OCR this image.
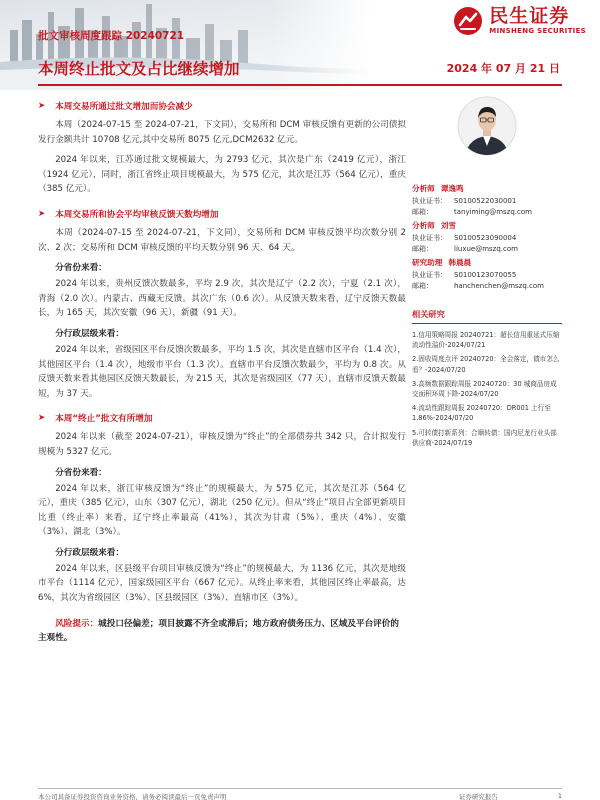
民生证券
MINSHENG SECURITIES
批文审核周度跟踪 20240721
本周终止批文及占比继续增加	2024 年 07 月 21 日
➤ 本周交易所通过批文增加而协会减少

本周（2024-07-15 至 2024-07-21，下文同），交易所和 DCM 审核反馈有更新的公司债拟发行金额共计 10708 亿元,其中交易所 8075 亿元,DCM2632 亿元。

2024 年以来，江苏通过批文规模最大，为 2793 亿元，其次是广东（2419 亿元），浙江（1924 亿元），同时，浙江省终止项目规模最大，为 575 亿元，其次是江苏（564 亿元），重庆（385 亿元）。

➤ 本周交易所和协会平均审核反馈天数均增加

本周（2024-07-15 至 2024-07-21，下文同），交易所和 DCM 审核反馈平均次数分别 2 次、2 次；交易所和 DCM 审核反馈的平均天数分别 96 天、64 天。

分省份来看：

2024 年以来，贵州反馈次数最多，平均 2.9 次，其次是辽宁（2.2 次），宁夏（2.1 次），青海（2.0 次）。内蒙古、西藏无反馈。其次广东（0.6 次）。从反馈天数来看，辽宁反馈天数最长，为 165 天，其次安徽（96 天），新疆（91 天）。

分行政层级来看：

2024 年以来，省级园区平台反馈次数最多，平均 1.5 次，其次是直辖市区平台（1.4 次），其他园区平台（1.4 次），地级市平台（1.3 次）。直辖市平台反馈次数最少，平均为 0.8 次。从反馈天数来看其他园区反馈天数最长，为 215 天，其次是省级园区（77 天），直辖市反馈天数最短，为 37 天。

➤ 本周“终止”批文有所增加

2024 年以来（截至 2024-07-21），审核反馈为“终止”的全部债券共 342 只，合计拟发行规模为 5327 亿元。

分省份来看：

2024 年以来，浙江审核反馈为“终止”的规模最大，为 575 亿元，其次是江苏（564 亿元），重庆（385 亿元），山东（307 亿元），湖北（250 亿元）。但从“终止”项目占全部更新项目比重（终止率）来看，辽宁终止率最高（41%），其次为甘肃（5%）、重庆（4%）、安徽（3%）、湖北（3%）。

分行政层级来看：

2024 年以来，区县级平台项目审核反馈为“终止”的规模最大，为 1136 亿元，其次是地级市平台（1114 亿元），国家级园区平台（667 亿元）。从终止率来看，其他园区终止率最高，达 6%，其次为省级园区（3%）、区县级园区（3%）、直辖市区（3%）。

风险提示：城投口径偏差；项目披露不齐全或滞后；地方政府债务压力、区域及平台评价的主观性。

分析师 谭逸鸣
执业证书：	S0100522030001
邮箱：	tanyiming@mszq.com
分析师 刘雪
执业证书：	S0100523090004
邮箱：	liuxue@mszq.com
研究助理 韩晨晨
执业证书：	S0100123070055
邮箱：	hanchenchen@mszq.com
相关研究
1.信用策略周报 20240721：超长信用重延式压缩流动性溢价-2024/07/21
2.固收周度点评 20240720：全会落定，债市怎么看？-2024/07/20
3.高频数据跟踪周报 20240720：30 城商品房成交面积环周下降-2024/07/20
4.流动性跟踪周报 20240720：DR001 上行至 1.86%-2024/07/20
5.可转债打新系列：合顺转债：国内尼龙行业头部供应商-2024/07/19
本公司具备证券投资咨询业务资格，请务必阅读最后一页免责声明	证券研究报告	1
